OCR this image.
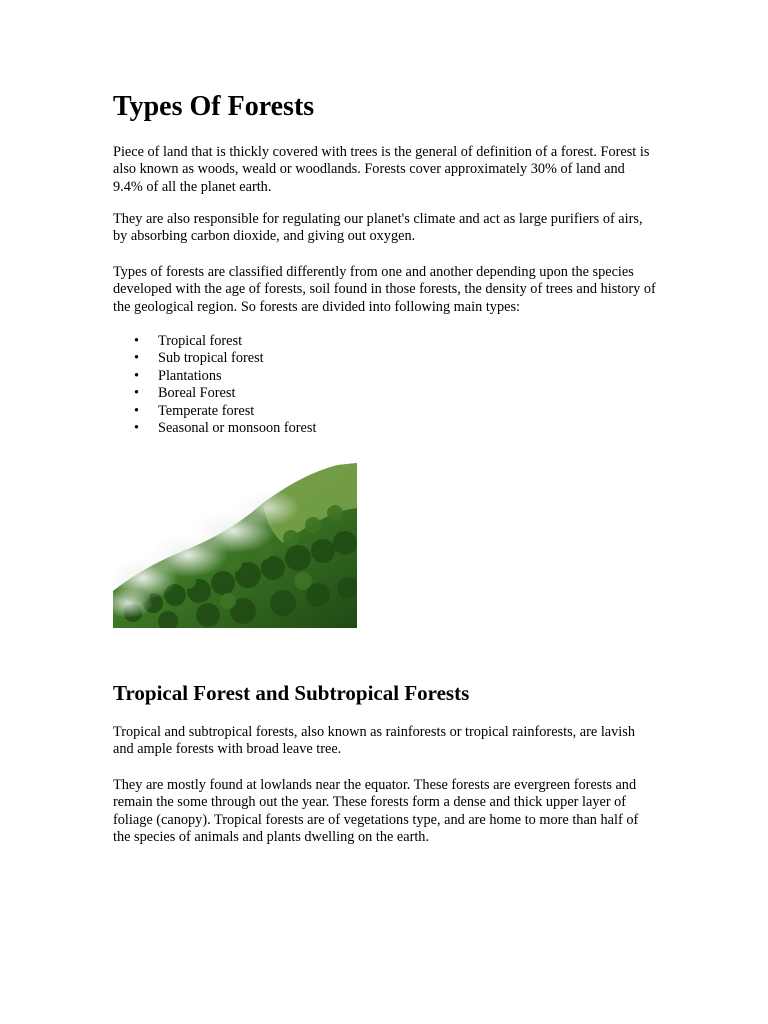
Types Of Forests

Piece of land that is thickly covered with trees is the general of definition of a forest. Forest is also known as woods, weald or woodlands. Forests cover approximately 30% of land and 9.4% of all the planet earth.

They are also responsible for regulating our planet's climate and act as large purifiers of airs, by absorbing carbon dioxide, and giving out oxygen.

Types of forests are classified differently from one and another depending upon the species developed with the age of forests, soil found in those forests, the density of trees and history of the geological region. So forests are divided into following main types:

• Tropical forest
• Sub tropical forest
• Plantations
• Boreal Forest
• Temperate forest
• Seasonal or monsoon forest
Tropical Forest and Subtropical Forests

Tropical and subtropical forests, also known as rainforests or tropical rainforests, are lavish and ample forests with broad leave tree.

They are mostly found at lowlands near the equator. These forests are evergreen forests and remain the some through out the year. These forests form a dense and thick upper layer of foliage (canopy). Tropical forests are of vegetations type, and are home to more than half of the species of animals and plants dwelling on the earth.
